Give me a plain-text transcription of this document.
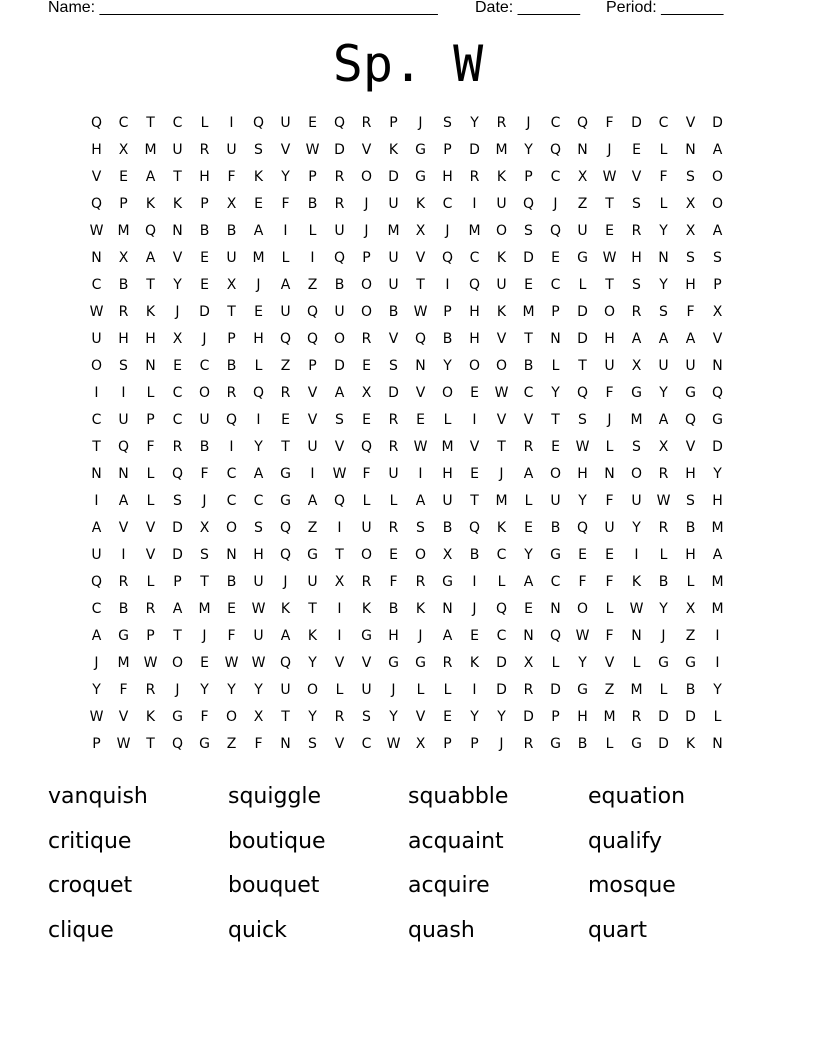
Name: ______________________________________ Date: _______ Period: _______
Sp. W
Q	C	T	C	L	I	Q	U	E	Q	R	P	J	S	Y	R	J	C	Q	F	D	C	V	D
H	X	M	U	R	U	S	V	W	D	V	K	G	P	D	M	Y	Q	N	J	E	L	N	A
V	E	A	T	H	F	K	Y	P	R	O	D	G	H	R	K	P	C	X	W	V	F	S	O
Q	P	K	K	P	X	E	F	B	R	J	U	K	C	I	U	Q	J	Z	T	S	L	X	O
W	M	Q	N	B	B	A	I	L	U	J	M	X	J	M	O	S	Q	U	E	R	Y	X	A
N	X	A	V	E	U	M	L	I	Q	P	U	V	Q	C	K	D	E	G	W	H	N	S	S
C	B	T	Y	E	X	J	A	Z	B	O	U	T	I	Q	U	E	C	L	T	S	Y	H	P
W	R	K	J	D	T	E	U	Q	U	O	B	W	P	H	K	M	P	D	O	R	S	F	X
U	H	H	X	J	P	H	Q	Q	O	R	V	Q	B	H	V	T	N	D	H	A	A	A	V
O	S	N	E	C	B	L	Z	P	D	E	S	N	Y	O	O	B	L	T	U	X	U	U	N
I	I	L	C	O	R	Q	R	V	A	X	D	V	O	E	W	C	Y	Q	F	G	Y	G	Q
C	U	P	C	U	Q	I	E	V	S	E	R	E	L	I	V	V	T	S	J	M	A	Q	G
T	Q	F	R	B	I	Y	T	U	V	Q	R	W	M	V	T	R	E	W	L	S	X	V	D
N	N	L	Q	F	C	A	G	I	W	F	U	I	H	E	J	A	O	H	N	O	R	H	Y
I	A	L	S	J	C	C	G	A	Q	L	L	A	U	T	M	L	U	Y	F	U	W	S	H
A	V	V	D	X	O	S	Q	Z	I	U	R	S	B	Q	K	E	B	Q	U	Y	R	B	M
U	I	V	D	S	N	H	Q	G	T	O	E	O	X	B	C	Y	G	E	E	I	L	H	A
Q	R	L	P	T	B	U	J	U	X	R	F	R	G	I	L	A	C	F	F	K	B	L	M
C	B	R	A	M	E	W	K	T	I	K	B	K	N	J	Q	E	N	O	L	W	Y	X	M
A	G	P	T	J	F	U	A	K	I	G	H	J	A	E	C	N	Q	W	F	N	J	Z	I
J	M	W	O	E	W W	Q	Y	V	V	G	G	R	K	D	X	L	Y	V	L	G	G	I
Y	F	R	J	Y	Y	Y	U	O	L	U	J	L	L	I	D	R	D	G	Z	M	L	B	Y
W	V	K	G	F	O	X	T	Y	R	S	Y	V	E	Y	Y	D	P	H	M	R	D	D	L
P	W	T	Q	G	Z	F	N	S	V	C	W	X	P	P	J	R	G	B	L	G	D	K	N
vanquish	squiggle	squabble	equation
critique	boutique	acquaint	qualify
croquet	bouquet	acquire	mosque
clique	quick	quash	quart
